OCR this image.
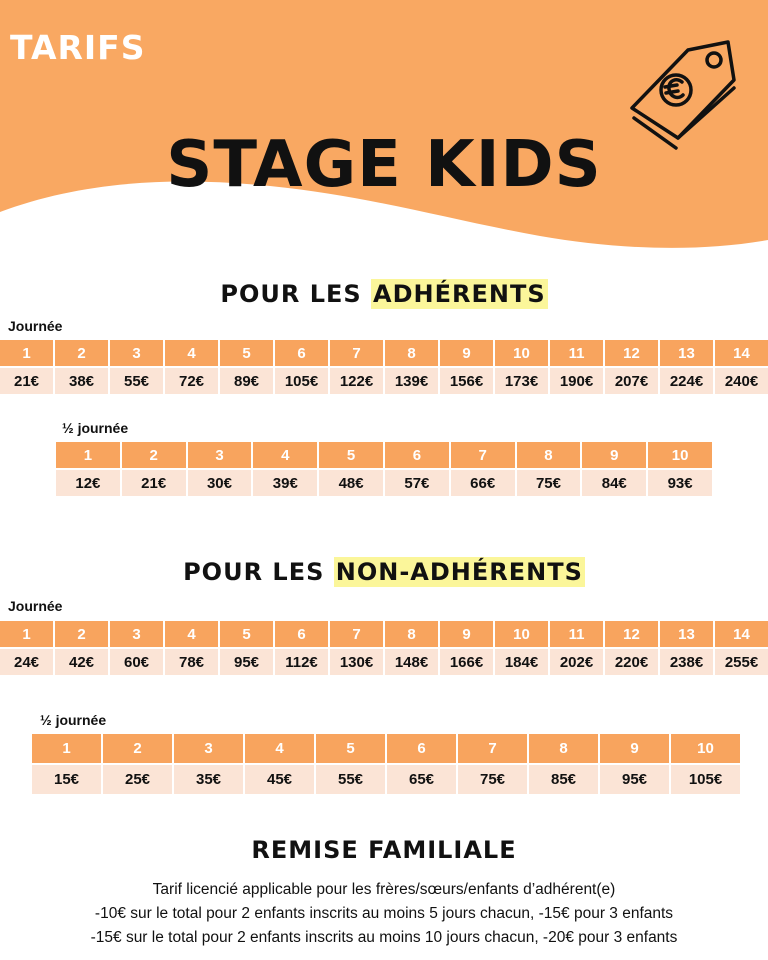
TARIFS
STAGE KIDS
POUR LES ADHÉRENTS

Journée

1	2	3	4	5	6	7	8	9	10	11	12	13	14
21€	38€	55€	72€	89€	105€	122€	139€	156€	173€	190€	207€	224€	240€

½ journée

1	2	3	4	5	6	7	8	9	10
12€	21€	30€	39€	48€	57€	66€	75€	84€	93€
POUR LES NON-ADHÉRENTS

Journée

1	2	3	4	5	6	7	8	9	10	11	12	13	14
24€	42€	60€	78€	95€	112€	130€	148€	166€	184€	202€	220€	238€	255€

½ journée

1	2	3	4	5	6	7	8	9	10
15€	25€	35€	45€	55€	65€	75€	85€	95€	105€
REMISE FAMILIALE
Tarif licencié applicable pour les frères/sœurs/enfants d’adhérent(e)
-10€ sur le total pour 2 enfants inscrits au moins 5 jours chacun, -15€ pour 3 enfants
-15€ sur le total pour 2 enfants inscrits au moins 10 jours chacun, -20€ pour 3 enfants
